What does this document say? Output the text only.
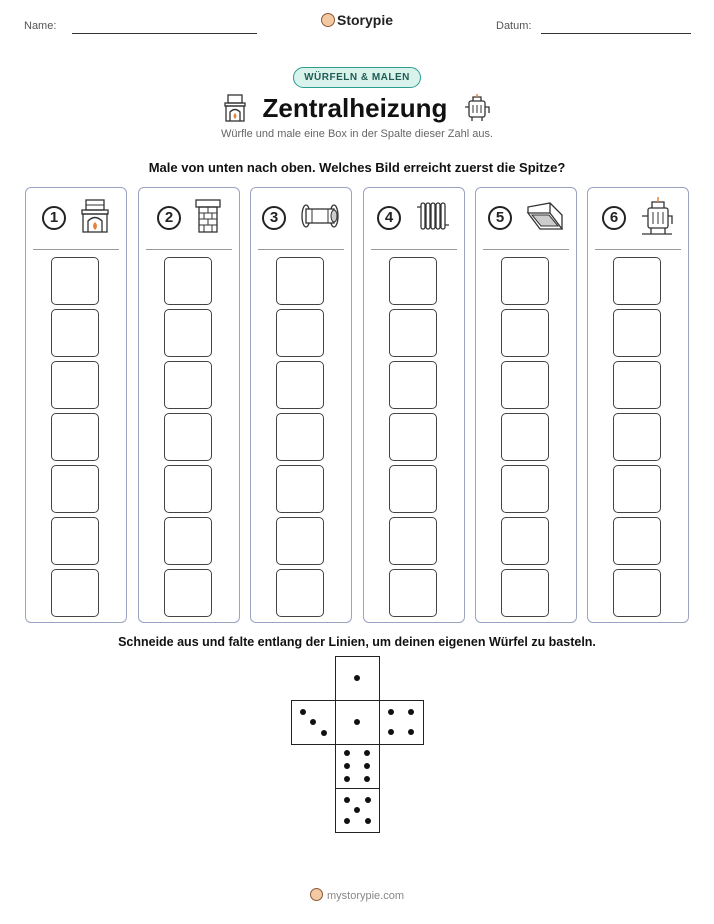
Name:	Storypie	Datum:
WÜRFELN & MALEN
Zentralheizung
Würfle und male eine Box in der Spalte dieser Zahl aus.
Male von unten nach oben. Welches Bild erreicht zuerst die Spitze?
1	2	3	4	5	6
Schneide aus und falte entlang der Linien, um deinen eigenen Würfel zu basteln.
mystorypie.com
